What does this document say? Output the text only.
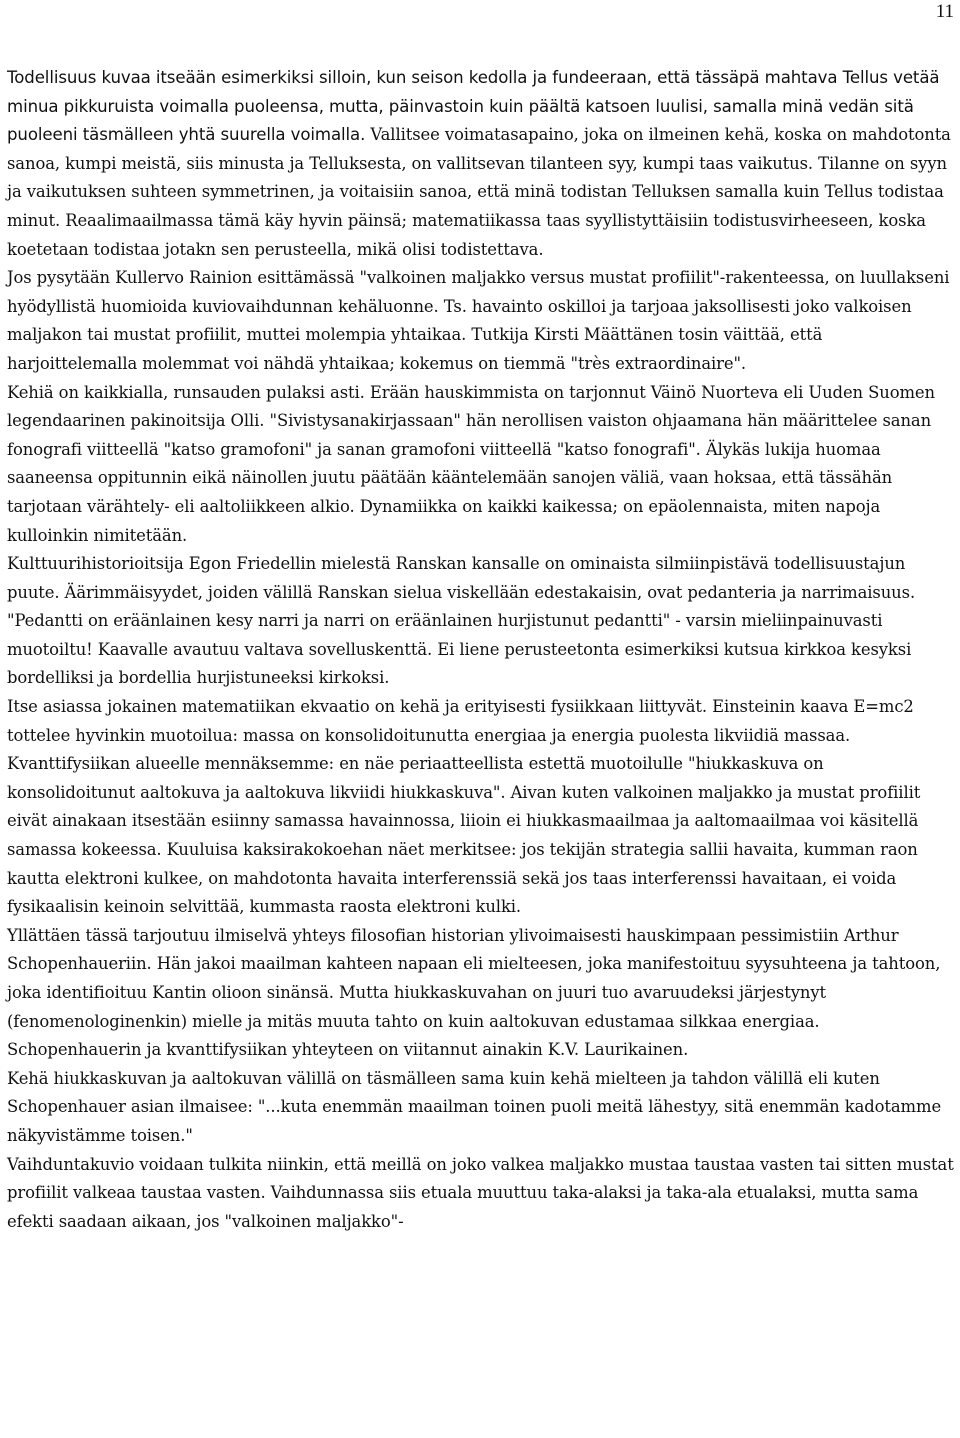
11

Todellisuus kuvaa itseään esimerkiksi silloin, kun seison kedolla ja fundeeraan, että tässäpä mahtava Tellus vetää minua pikkuruista voimalla puoleensa, mutta, päinvastoin kuin päältä katsoen luulisi, samalla minä vedän sitä puoleeni täsmälleen yhtä suurella voimalla. Vallitsee voimatasapaino, joka on ilmeinen kehä, koska on mahdotonta sanoa, kumpi meistä, siis minusta ja Telluksesta, on vallitsevan tilanteen syy, kumpi taas vaikutus. Tilanne on syyn ja vaikutuksen suhteen symmetrinen, ja voitaisiin sanoa, että minä todistan Telluksen samalla kuin Tellus todistaa minut. Reaalimaailmassa tämä käy hyvin päinsä; matematiikassa taas syyllistyttäisiin todistusvirheeseen, koska koetetaan todistaa jotakn sen perusteella, mikä olisi todistettava.

Jos pysytään Kullervo Rainion esittämässä "valkoinen maljakko versus mustat profiilit"-rakenteessa, on luullakseni hyödyllistä huomioida kuviovaihdunnan kehäluonne. Ts. havainto oskilloi ja tarjoaa jaksollisesti joko valkoisen maljakon tai mustat profiilit, muttei molempia yhtaikaa. Tutkija Kirsti Määttänen tosin väittää, että harjoittelemalla molemmat voi nähdä yhtaikaa; kokemus on tiemmä "très extraordinaire".

Kehiä on kaikkialla, runsauden pulaksi asti. Erään hauskimmista on tarjonnut Väinö Nuorteva eli Uuden Suomen legendaarinen pakinoitsija Olli. "Sivistysanakirjassaan" hän nerollisen vaiston ohjaamana hän määrittelee sanan fonografi viitteellä "katso gramofoni" ja sanan gramofoni viitteellä "katso fonografi". Älykäs lukija huomaa saaneensa oppitunnin eikä näinollen juutu päätään kääntelemään sanojen väliä, vaan hoksaa, että tässähän tarjotaan värähtely- eli aaltoliikkeen alkio. Dynamiikka on kaikki kaikessa; on epäolennaista, miten napoja kulloinkin nimitetään.

Kulttuurihistorioitsija Egon Friedellin mielestä Ranskan kansalle on ominaista silmiinpistävä todellisuustajun puute. Äärimmäisyydet, joiden välillä Ranskan sielua viskellään edestakaisin, ovat pedanteria ja narrimaisuus. "Pedantti on eräänlainen kesy narri ja narri on eräänlainen hurjistunut pedantti" - varsin mieliinpainuvasti muotoiltu! Kaavalle avautuu valtava sovelluskenttä. Ei liene perusteetonta esimerkiksi kutsua kirkkoa kesyksi bordelliksi ja bordellia hurjistuneeksi kirkoksi.

Itse asiassa jokainen matematiikan ekvaatio on kehä ja erityisesti fysiikkaan liittyvät. Einsteinin kaava E=mc2 tottelee hyvinkin muotoilua: massa on konsolidoitunutta energiaa ja energia puolesta likviidiä massaa. Kvanttifysiikan alueelle mennäksemme: en näe periaatteellista estettä muotoilulle "hiukkaskuva on konsolidoitunut aaltokuva ja aaltokuva likviidi hiukkaskuva". Aivan kuten valkoinen maljakko ja mustat profiilit eivät ainakaan itsestään esiinny samassa havainnossa, liioin ei hiukkasmaailmaa ja aaltomaailmaa voi käsitellä samassa kokeessa. Kuuluisa kaksirakokoehan näet merkitsee: jos tekijän strategia sallii havaita, kumman raon kautta elektroni kulkee, on mahdotonta havaita interferenssiä sekä jos taas interferenssi havaitaan, ei voida fysikaalisin keinoin selvittää, kummasta raosta elektroni kulki.

Yllättäen tässä tarjoutuu ilmiselvä yhteys filosofian historian ylivoimaisesti hauskimpaan pessimistiin Arthur Schopenhaueriin. Hän jakoi maailman kahteen napaan eli mielteesen, joka manifestoituu syysuhteena ja tahtoon, joka identifioituu Kantin olioon sinänsä. Mutta hiukkaskuvahan on juuri tuo avaruudeksi järjestynyt (fenomenologinenkin) mielle ja mitäs muuta tahto on kuin aaltokuvan edustamaa silkkaa energiaa. Schopenhauerin ja kvanttifysiikan yhteyteen on viitannut ainakin K.V. Laurikainen.

Kehä hiukkaskuvan ja aaltokuvan välillä on täsmälleen sama kuin kehä mielteen ja tahdon välillä eli kuten Schopenhauer asian ilmaisee: "...kuta enemmän maailman toinen puoli meitä lähestyy, sitä enemmän kadotamme näkyvistämme toisen."

Vaihduntakuvio voidaan tulkita niinkin, että meillä on joko valkea maljakko mustaa taustaa vasten tai sitten mustat profiilit valkeaa taustaa vasten. Vaihdunnassa siis etuala muuttuu taka-alaksi ja taka-ala etualaksi, mutta sama efekti saadaan aikaan, jos "valkoinen maljakko"-
